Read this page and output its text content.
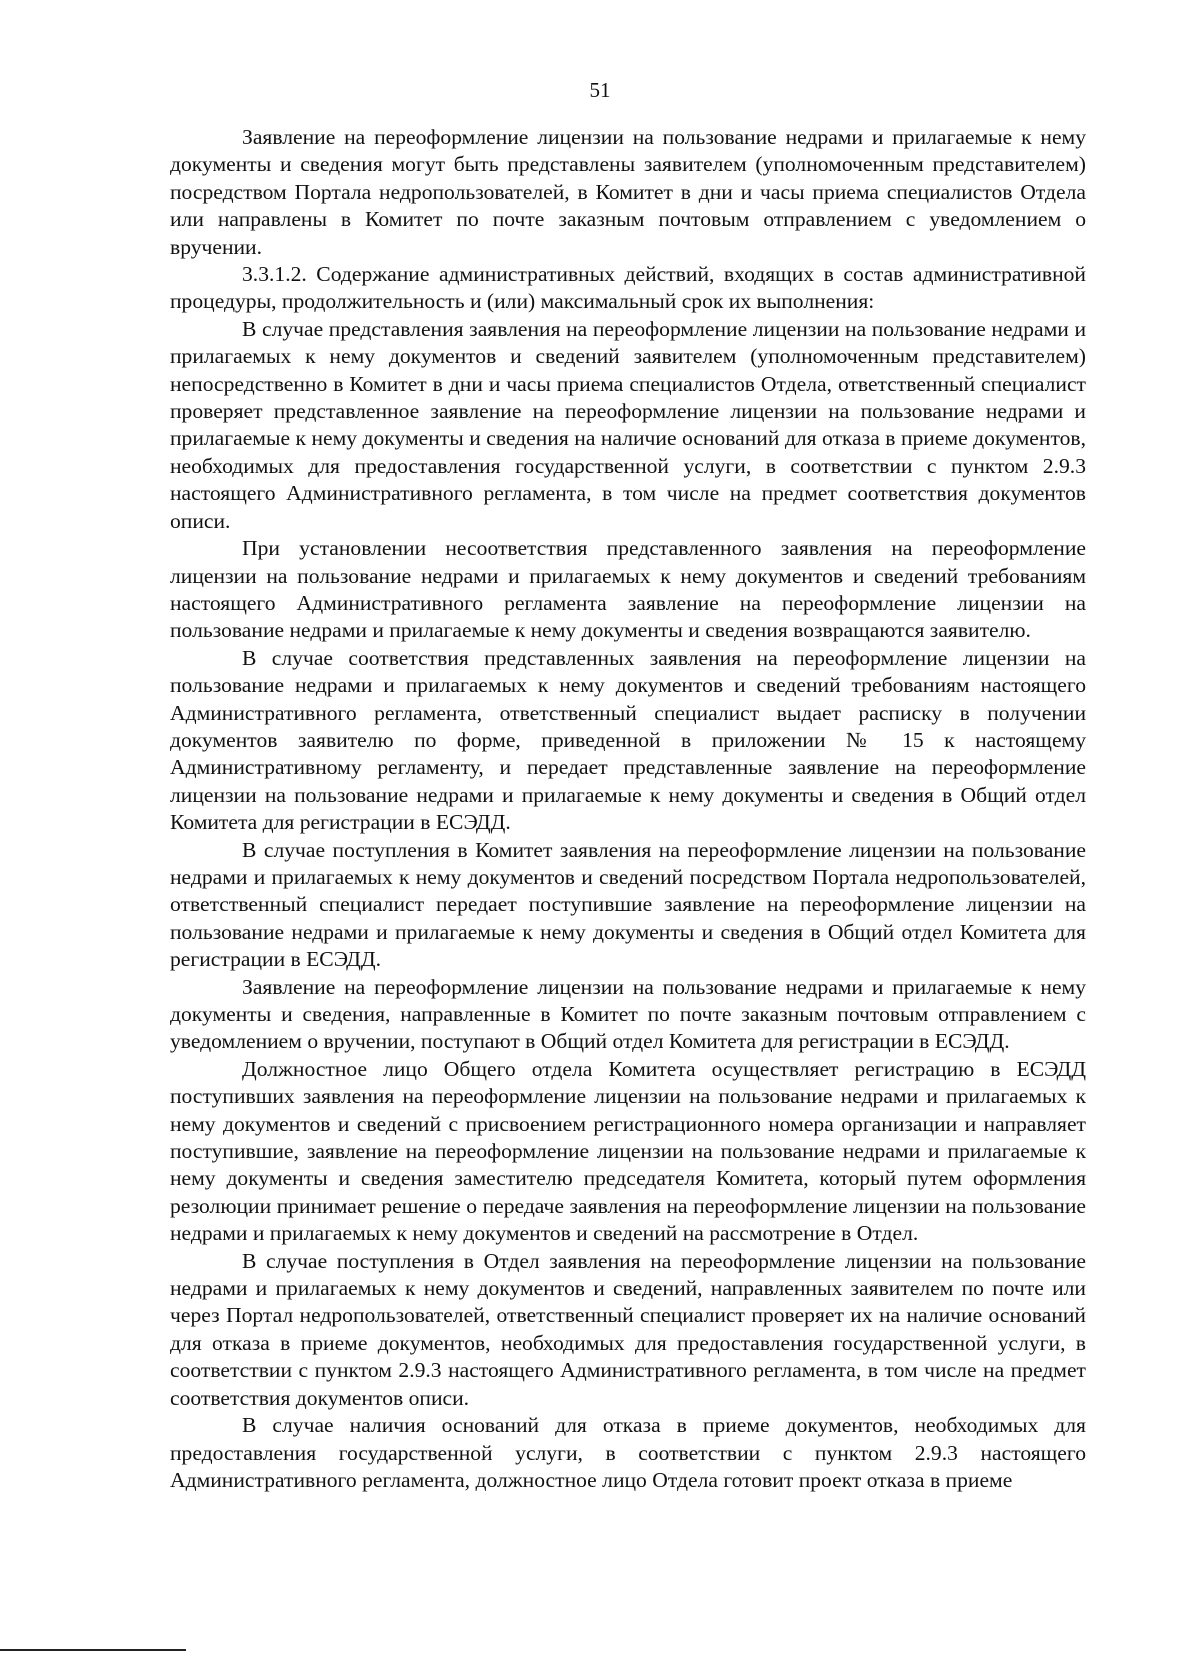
51

Заявление на переоформление лицензии на пользование недрами и прилагаемые к нему документы и сведения могут быть представлены заявителем (уполномоченным представителем) посредством Портала недропользователей, в Комитет в дни и часы приема специалистов Отдела или направлены в Комитет по почте заказным почтовым отправлением с уведомлением о вручении.

3.3.1.2. Содержание административных действий, входящих в состав административной процедуры, продолжительность и (или) максимальный срок их выполнения:

В случае представления заявления на переоформление лицензии на пользование недрами и прилагаемых к нему документов и сведений заявителем (уполномоченным представителем) непосредственно в Комитет в дни и часы приема специалистов Отдела, ответственный специалист проверяет представленное заявление на переоформление лицензии на пользование недрами и прилагаемые к нему документы и сведения на наличие оснований для отказа в приеме документов, необходимых для предоставления государственной услуги, в соответствии с пунктом 2.9.3 настоящего Административного регламента, в том числе на предмет соответствия документов описи.

При установлении несоответствия представленного заявления на переоформление лицензии на пользование недрами и прилагаемых к нему документов и сведений требованиям настоящего Административного регламента заявление на переоформление лицензии на пользование недрами и прилагаемые к нему документы и сведения возвращаются заявителю.

В случае соответствия представленных заявления на переоформление лицензии на пользование недрами и прилагаемых к нему документов и сведений требованиям настоящего Административного регламента, ответственный специалист выдает расписку в получении документов заявителю по форме, приведенной в приложении № 15 к настоящему Административному регламенту, и передает представленные заявление на переоформление лицензии на пользование недрами и прилагаемые к нему документы и сведения в Общий отдел Комитета для регистрации в ЕСЭДД.

В случае поступления в Комитет заявления на переоформление лицензии на пользование недрами и прилагаемых к нему документов и сведений посредством Портала недропользователей, ответственный специалист передает поступившие заявление на переоформление лицензии на пользование недрами и прилагаемые к нему документы и сведения в Общий отдел Комитета для регистрации в ЕСЭДД.

Заявление на переоформление лицензии на пользование недрами и прилагаемые к нему документы и сведения, направленные в Комитет по почте заказным почтовым отправлением с уведомлением о вручении, поступают в Общий отдел Комитета для регистрации в ЕСЭДД.

Должностное лицо Общего отдела Комитета осуществляет регистрацию в ЕСЭДД поступивших заявления на переоформление лицензии на пользование недрами и прилагаемых к нему документов и сведений с присвоением регистрационного номера организации и направляет поступившие, заявление на переоформление лицензии на пользование недрами и прилагаемые к нему документы и сведения заместителю председателя Комитета, который путем оформления резолюции принимает решение о передаче заявления на переоформление лицензии на пользование недрами и прилагаемых к нему документов и сведений на рассмотрение в Отдел.

В случае поступления в Отдел заявления на переоформление лицензии на пользование недрами и прилагаемых к нему документов и сведений, направленных заявителем по почте или через Портал недропользователей, ответственный специалист проверяет их на наличие оснований для отказа в приеме документов, необходимых для предоставления государственной услуги, в соответствии с пунктом 2.9.3 настоящего Административного регламента, в том числе на предмет соответствия документов описи.

В случае наличия оснований для отказа в приеме документов, необходимых для предоставления государственной услуги, в соответствии с пунктом 2.9.3 настоящего Административного регламента, должностное лицо Отдела готовит проект отказа в приеме
